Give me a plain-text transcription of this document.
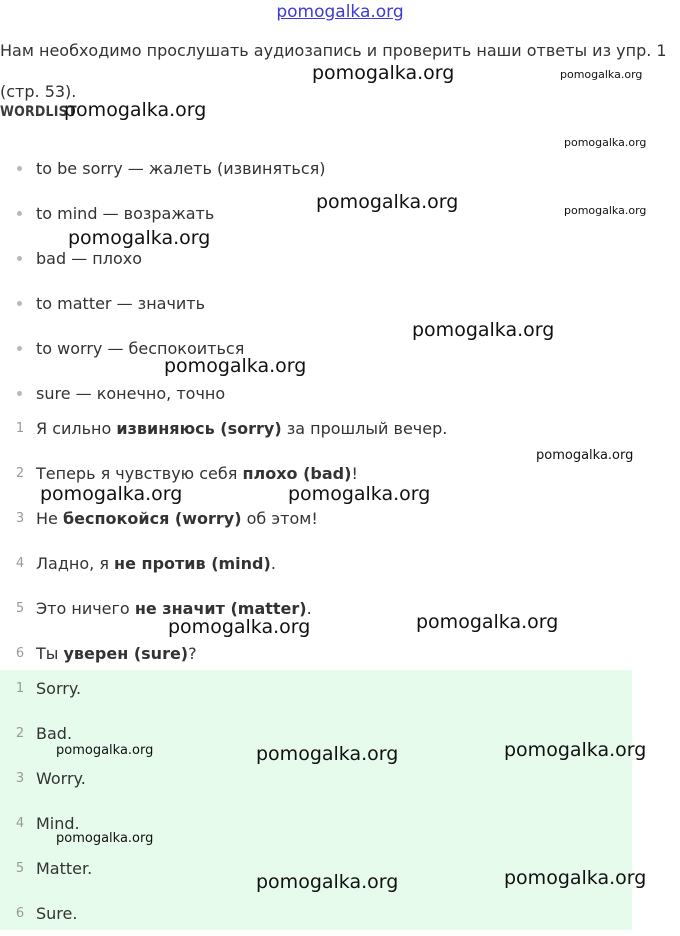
pomogalka.org
Нам необходимо прослушать аудиозапись и проверить наши ответы из упр. 1 (стр. 53).
WORDLIST
to be sorry — жалеть (извиняться)
to mind — возражать
bad — плохо
to matter — значить
to worry — беспокоиться
sure — конечно, точно
1 Я сильно извиняюсь (sorry) за прошлый вечер.
2 Теперь я чувствую себя плохо (bad)!
3 Не беспокойся (worry) об этом!
4 Ладно, я не против (mind).
5 Это ничего не значит (matter).
6 Ты уверен (sure)?
1 Sorry.
2 Bad.
3 Worry.
4 Mind.
5 Matter.
6 Sure.
pomogalka.org	pomogalka.org
pomogalka.org
pomogalka.org
pomogalka.org	pomogalka.org
pomogalka.org
pomogalka.org
pomogalka.org
pomogalka.org
pomogalka.org	pomogalka.org
pomogalka.org	pomogalka.org
pomogalka.org	pomogalka.org	pomogalka.org
pomogalka.org
pomogalka.org	pomogalka.org
